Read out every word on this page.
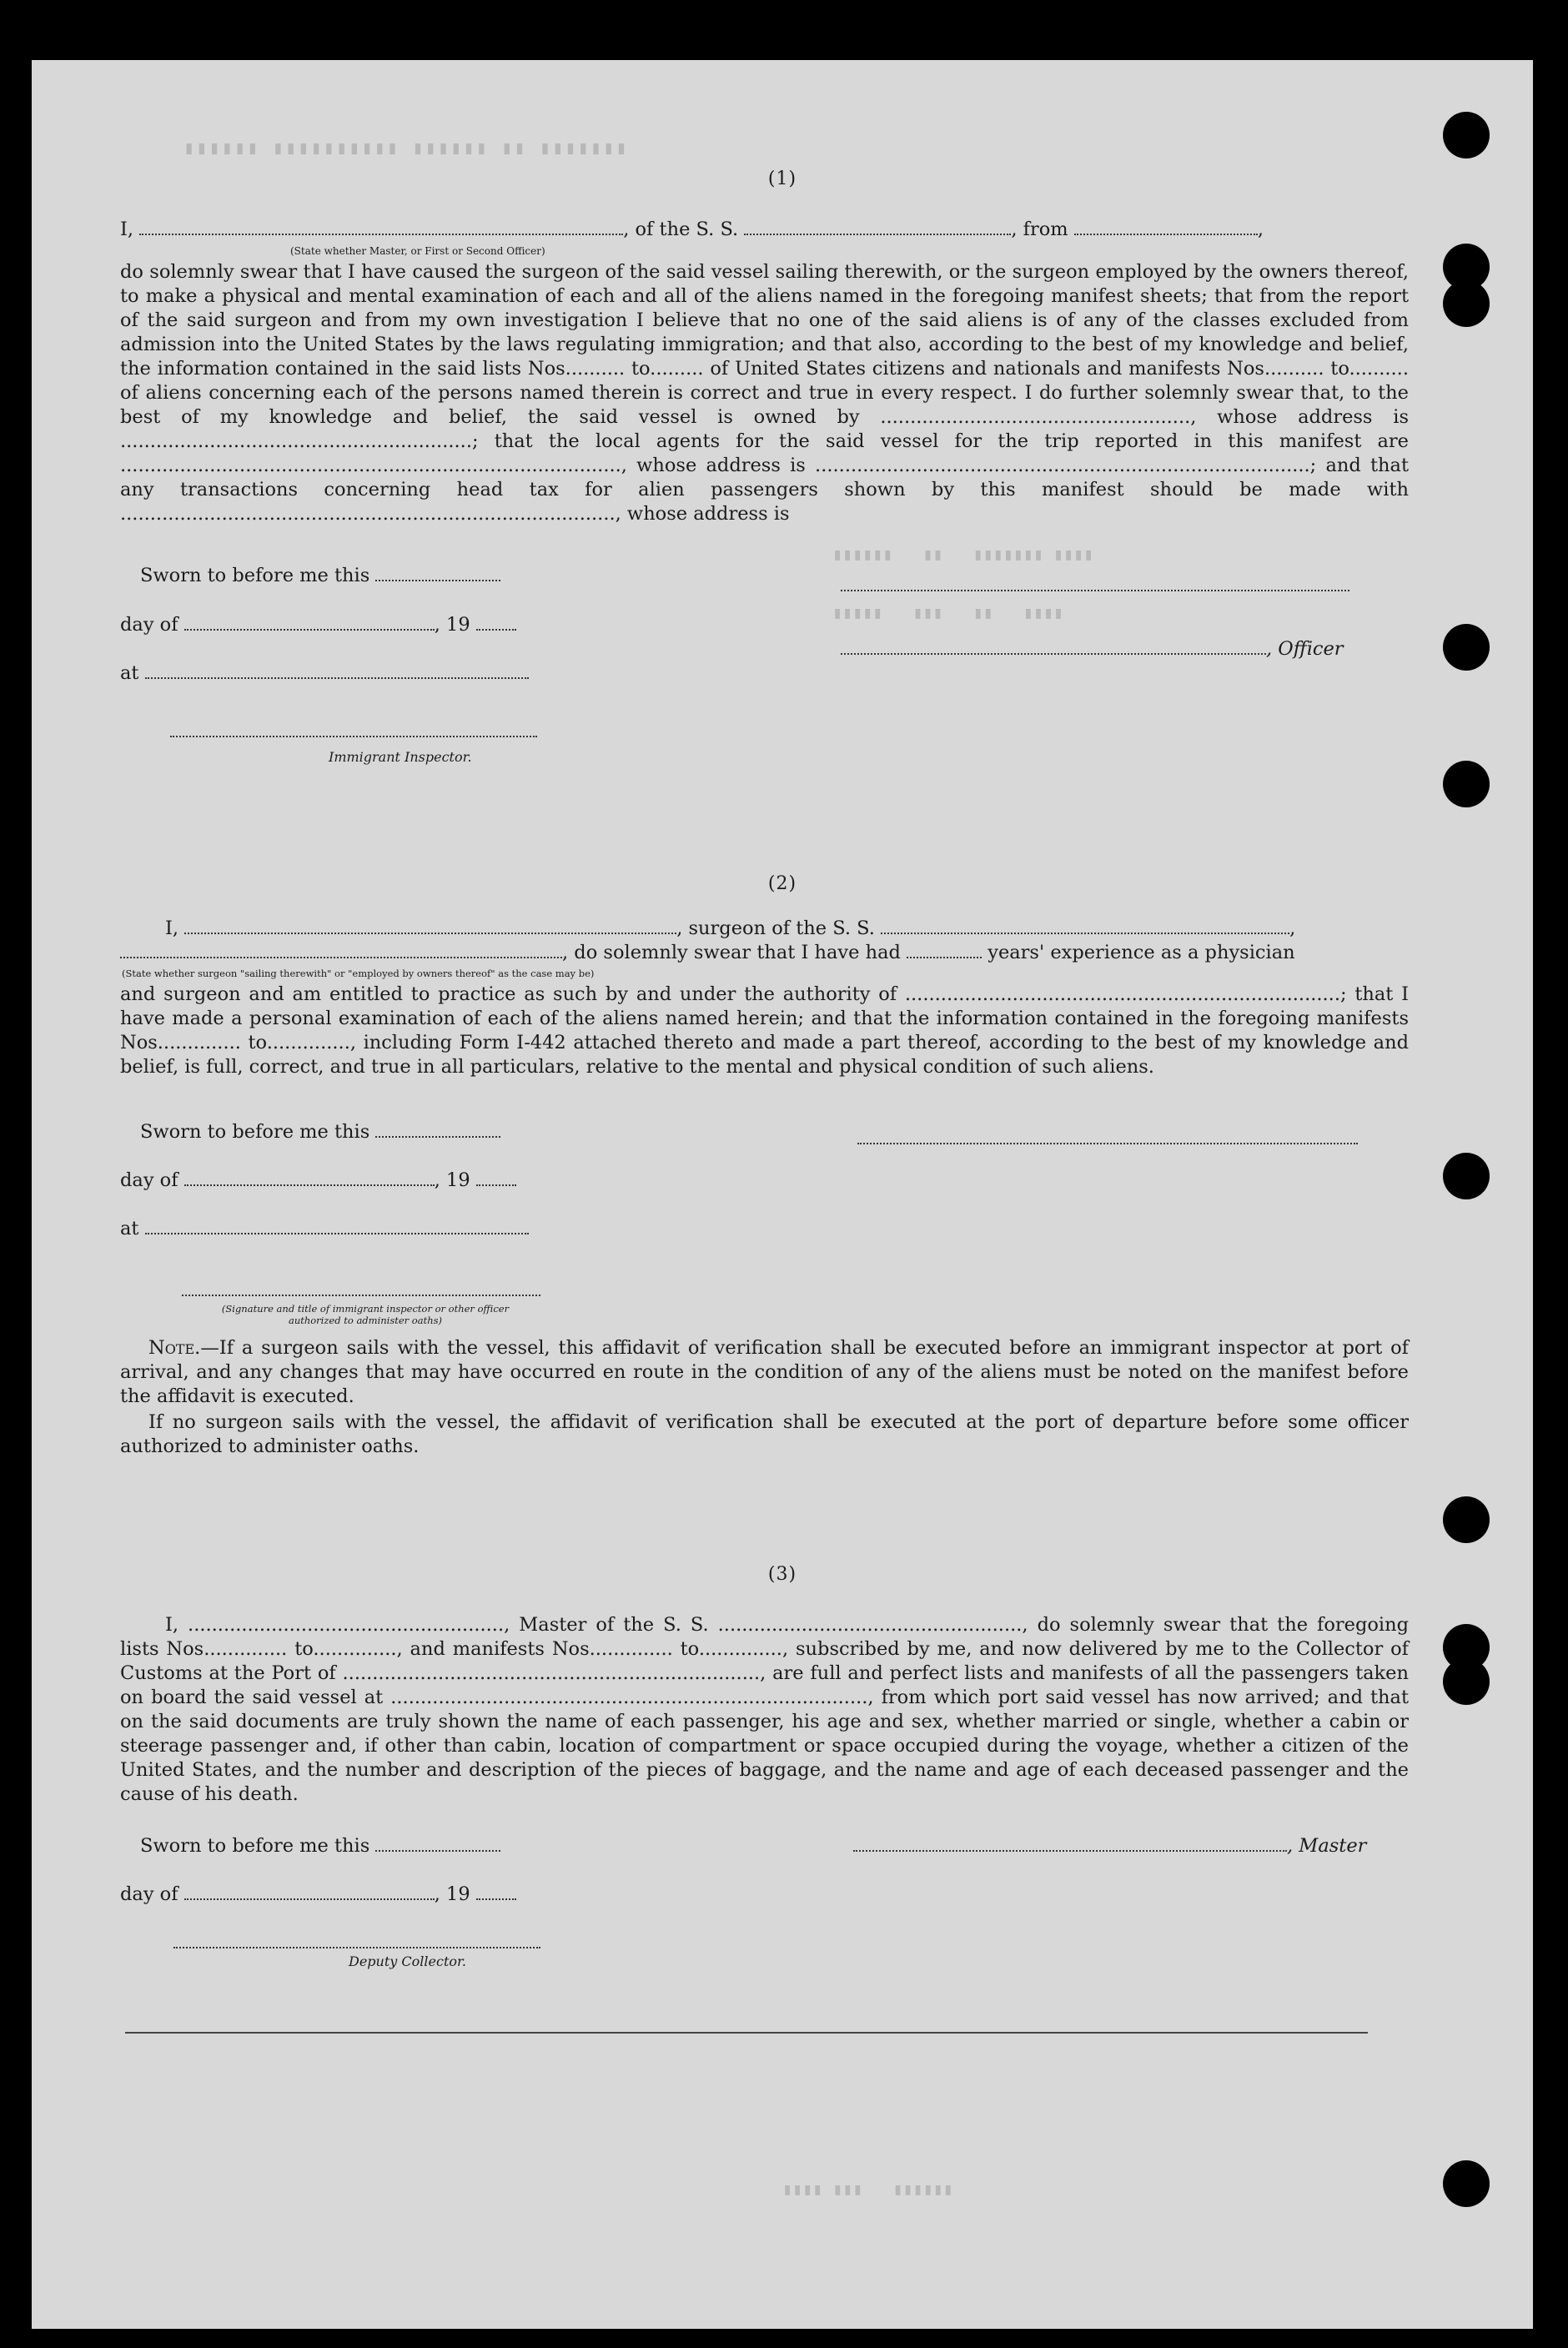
▮▮▮▮▮▮▮ ▮▮ ▮▮▮▮▮▮ ▮▮▮▮▮▮▮▮▮▮ ▮▮▮▮▮▮
▮▮▮▮▮▮   ▮▮   ▮▮▮▮▮▮▮ ▮▮▮▮
▮▮▮▮▮   ▮▮▮   ▮▮   ▮▮▮▮
▮▮▮▮ ▮▮▮   ▮▮▮▮▮▮
(1)
I,	, of the S. S.	, from	,
(State whether Master, or First or Second Officer)
do solemnly swear that I have caused the surgeon of the said vessel sailing therewith, or the surgeon employed by the owners thereof, to make a physical and mental examination of each and all of the aliens named in the foregoing manifest sheets; that from the report of the said surgeon and from my own investigation I believe that no one of the said aliens is of any of the classes excluded from admission into the United States by the laws regulating immigration; and that also, according to the best of my knowledge and belief, the information contained in the said lists Nos.......... to......... of United States citizens and nationals and manifests Nos.......... to.......... of aliens concerning each of the persons named therein is correct and true in every respect. I do further solemnly swear that, to the best of my knowledge and belief, the said vessel is owned by ...................................................., whose address is ...........................................................; that the local agents for the said vessel for the trip reported in this manifest are ...................................................................................., whose address is ...................................................................................; and that any transactions concerning head tax for alien passengers shown by this manifest should be made with ..................................................................................., whose address is
Sworn to before me this
day of	, 19
, Officer
at
Immigrant Inspector.
(2)
I,	, surgeon of the S. S.	,
, do solemnly swear that I have had	years' experience as a physician
(State whether surgeon "sailing therewith" or "employed by owners thereof" as the case may be)
and surgeon and am entitled to practice as such by and under the authority of .........................................................................; that I have made a personal examination of each of the aliens named herein; and that the information contained in the foregoing manifests Nos.............. to.............., including Form I-442 attached thereto and made a part thereof, according to the best of my knowledge and belief, is full, correct, and true in all particulars, relative to the mental and physical condition of such aliens.
Sworn to before me this
day of	, 19
at
(Signature and title of immigrant inspector or other officer authorized to administer oaths)
Note.—If a surgeon sails with the vessel, this affidavit of verification shall be executed before an immigrant inspector at port of arrival, and any changes that may have occurred en route in the condition of any of the aliens must be noted on the manifest before the affidavit is executed.
If no surgeon sails with the vessel, the affidavit of verification shall be executed at the port of departure before some officer authorized to administer oaths.
(3)
I, ....................................................., Master of the S. S. ..................................................., do solemnly swear that the foregoing lists Nos.............. to.............., and manifests Nos.............. to.............., subscribed by me, and now delivered by me to the Collector of Customs at the Port of ......................................................................, are full and perfect lists and manifests of all the passengers taken on board the said vessel at ................................................................................, from which port said vessel has now arrived; and that on the said documents are truly shown the name of each passenger, his age and sex, whether married or single, whether a cabin or steerage passenger and, if other than cabin, location of compartment or space occupied during the voyage, whether a citizen of the United States, and the number and description of the pieces of baggage, and the name and age of each deceased passenger and the cause of his death.
Sworn to before me this	, Master
day of	, 19
Deputy Collector.
